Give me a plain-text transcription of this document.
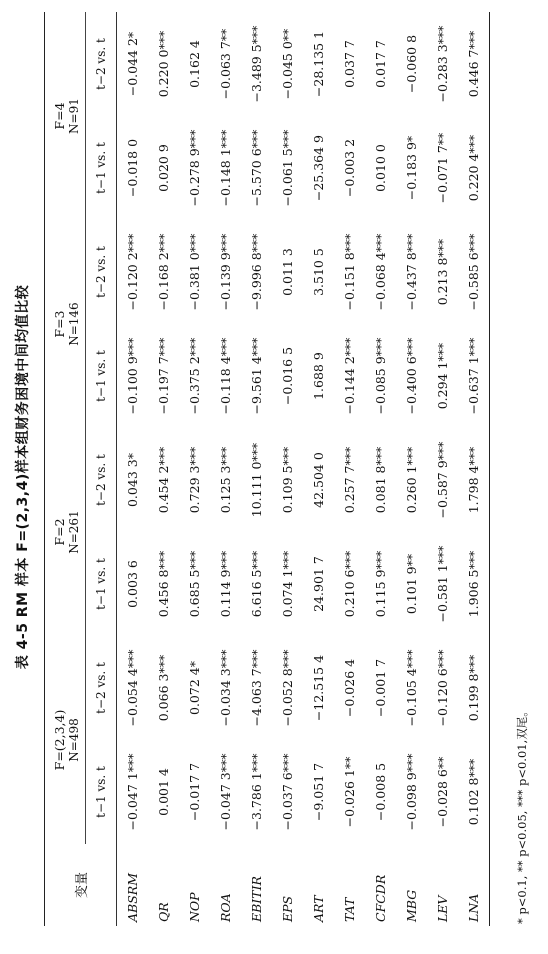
表 4-5 RM 样本 F=(2,3,4)样本组财务困境中间均值比较
变量	F=(2,3,4)		F=2		F=3		F=4	
	N=498		N=261		N=146		N=91	
	t−1 vs. t	t−2 vs. t	t−1 vs. t	t−2 vs. t	t−1 vs. t	t−2 vs. t	t−1 vs. t	t−2 vs. t
ABSRM	−0.047 1***	−0.054 4***	0.003 6	0.043 3*	−0.100 9***	−0.120 2***	−0.018 0	−0.044 2*
QR	0.001 4	0.066 3***	0.456 8***	0.454 2***	−0.197 7***	−0.168 2***	0.020 9	0.220 0***
NOP	−0.017 7	0.072 4*	0.685 5***	0.729 3***	−0.375 2***	−0.381 0***	−0.278 9***	0.162 4
ROA	−0.047 3***	−0.034 3***	0.114 9***	0.125 3***	−0.118 4***	−0.139 9***	−0.148 1***	−0.063 7**
EBITIR	−3.786 1***	−4.063 7***	6.616 5***	10.111 0***	−9.561 4***	−9.996 8***	−5.570 6***	−3.489 5***
EPS	−0.037 6***	−0.052 8***	0.074 1***	0.109 5***	−0.016 5	0.011 3	−0.061 5***	−0.045 0**
ART	−9.051 7	−12.515 4	24.901 7	42.504 0	1.688 9	3.510 5	−25.364 9	−28.135 1
TAT	−0.026 1**	−0.026 4	0.210 6***	0.257 7***	−0.144 2***	−0.151 8***	−0.003 2	0.037 7
CFCDR	−0.008 5	−0.001 7	0.115 9***	0.081 8***	−0.085 9***	−0.068 4***	0.010 0	0.017 7
MBG	−0.098 9***	−0.105 4***	0.101 9**	0.260 1***	−0.400 6***	−0.437 8***	−0.183 9*	−0.060 8
LEV	−0.028 6**	−0.120 6***	−0.581 1***	−0.587 9***	0.294 1***	0.213 8***	−0.071 7**	−0.283 3***
LNA	0.102 8***	0.199 8***	1.906 5***	1.798 4***	−0.637 1***	−0.585 6***	0.220 4***	0.446 7***
* p<0.1, ** p<0.05, *** p<0.01,双尾。
